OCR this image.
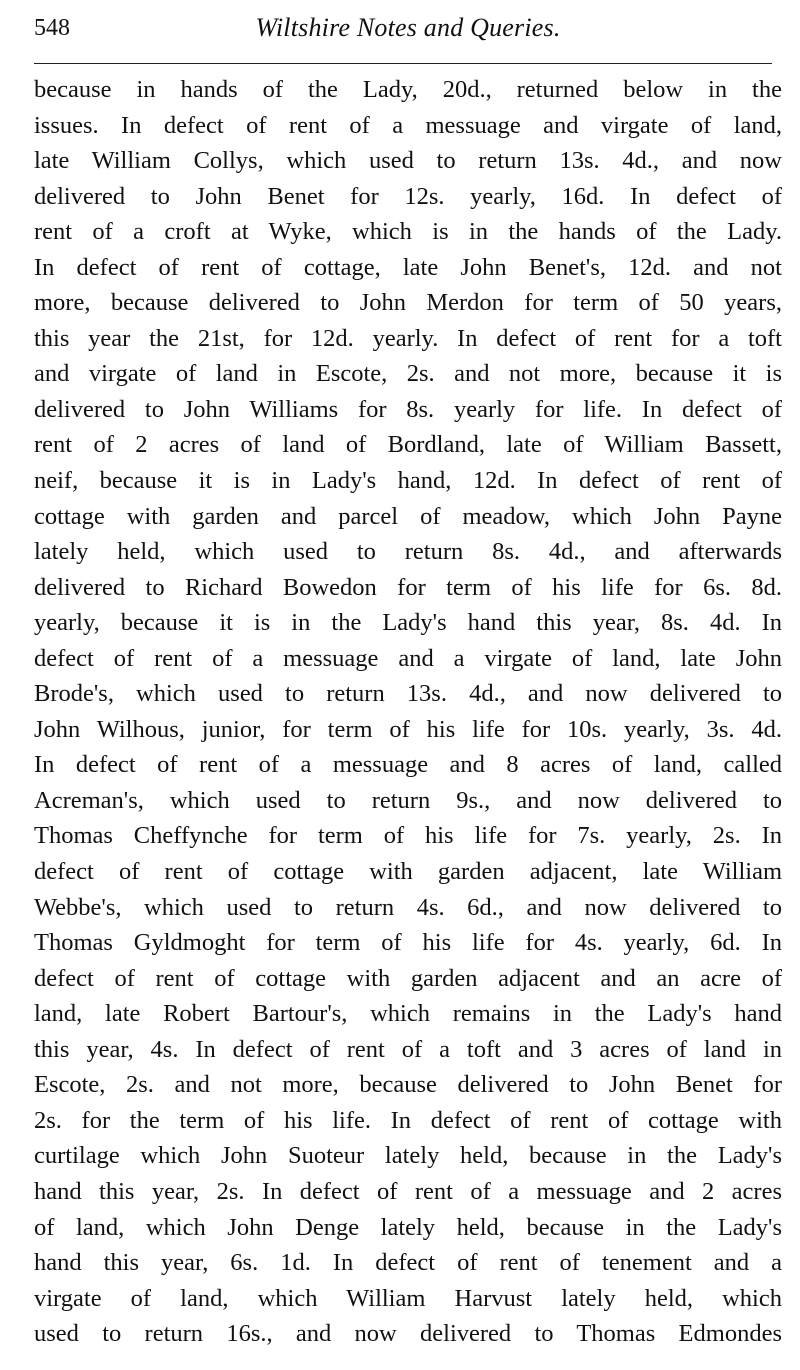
548	Wiltshire Notes and Queries.
because in hands of the Lady, 20d., returned below in the
issues. In defect of rent of a messuage and virgate of land,
late William Collys, which used to return 13s. 4d., and now
delivered to John Benet for 12s. yearly, 16d. In defect of
rent of a croft at Wyke, which is in the hands of the Lady.
In defect of rent of cottage, late John Benet's, 12d. and not
more, because delivered to John Merdon for term of 50 years,
this year the 21st, for 12d. yearly. In defect of rent for a toft
and virgate of land in Escote, 2s. and not more, because it is
delivered to John Williams for 8s. yearly for life. In defect of
rent of 2 acres of land of Bordland, late of William Bassett,
neif, because it is in Lady's hand, 12d. In defect of rent of
cottage with garden and parcel of meadow, which John Payne
lately held, which used to return 8s. 4d., and afterwards
delivered to Richard Bowedon for term of his life for 6s. 8d.
yearly, because it is in the Lady's hand this year, 8s. 4d. In
defect of rent of a messuage and a virgate of land, late John
Brode's, which used to return 13s. 4d., and now delivered to
John Wilhous, junior, for term of his life for 10s. yearly, 3s. 4d.
In defect of rent of a messuage and 8 acres of land, called
Acreman's, which used to return 9s., and now delivered to
Thomas Cheffynche for term of his life for 7s. yearly, 2s. In
defect of rent of cottage with garden adjacent, late William
Webbe's, which used to return 4s. 6d., and now delivered to
Thomas Gyldmoght for term of his life for 4s. yearly, 6d. In
defect of rent of cottage with garden adjacent and an acre of
land, late Robert Bartour's, which remains in the Lady's hand
this year, 4s. In defect of rent of a toft and 3 acres of land in
Escote, 2s. and not more, because delivered to John Benet for
2s. for the term of his life. In defect of rent of cottage with
curtilage which John Suoteur lately held, because in the Lady's
hand this year, 2s. In defect of rent of a messuage and 2 acres
of land, which John Denge lately held, because in the Lady's
hand this year, 6s. 1d. In defect of rent of tenement and a
virgate of land, which William Harvust lately held, which
used to return 16s., and now delivered to Thomas Edmondes
